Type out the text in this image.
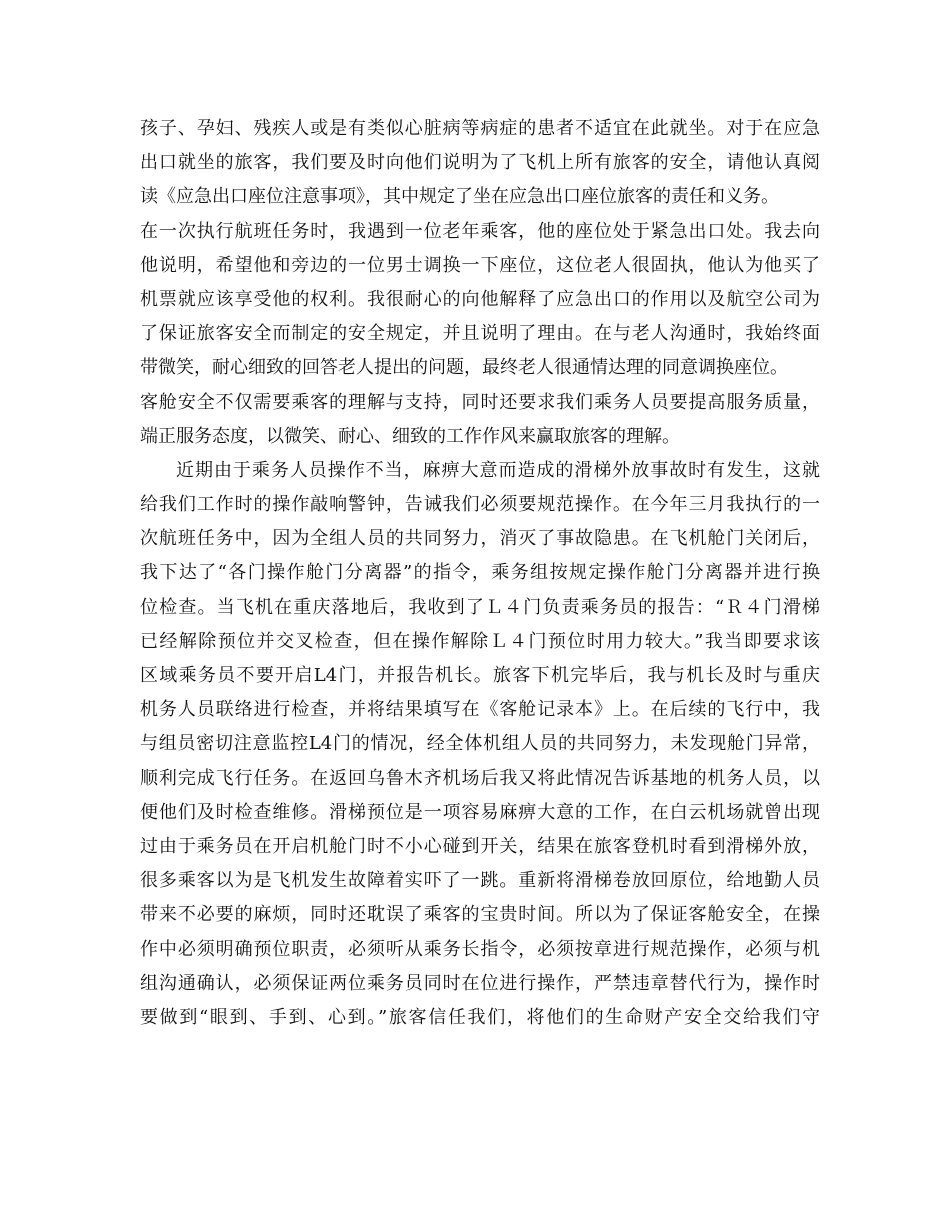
孩子、孕妇、残疾人或是有类似心脏病等病症的患者不适宜在此就坐。对于在应急
出口就坐的旅客，我们要及时向他们说明为了飞机上所有旅客的安全，请他认真阅
读《应急出口座位注意事项》，其中规定了坐在应急出口座位旅客的责任和义务。
在一次执行航班任务时，我遇到一位老年乘客，他的座位处于紧急出口处。我去向
他说明，希望他和旁边的一位男士调换一下座位，这位老人很固执，他认为他买了
机票就应该享受他的权利。我很耐心的向他解释了应急出口的作用以及航空公司为
了保证旅客安全而制定的安全规定，并且说明了理由。在与老人沟通时，我始终面
带微笑，耐心细致的回答老人提出的问题，最终老人很通情达理的同意调换座位。
客舱安全不仅需要乘客的理解与支持，同时还要求我们乘务人员要提高服务质量，
端正服务态度，以微笑、耐心、细致的工作作风来赢取旅客的理解。
近期由于乘务人员操作不当，麻痹大意而造成的滑梯外放事故时有发生，这就
给我们工作时的操作敲响警钟，告诫我们必须要规范操作。在今年三月我执行的一
次航班任务中，因为全组人员的共同努力，消灭了事故隐患。在飞机舱门关闭后，
我下达了“各门操作舱门分离器”的指令，乘务组按规定操作舱门分离器并进行换
位检查。当飞机在重庆落地后，我收到了Ｌ４门负责乘务员的报告：“Ｒ４门滑梯
已经解除预位并交叉检查，但在操作解除Ｌ４门预位时用力较大。”我当即要求该
区域乘务员不要开启L4门，并报告机长。旅客下机完毕后，我与机长及时与重庆
机务人员联络进行检查，并将结果填写在《客舱记录本》上。在后续的飞行中，我
与组员密切注意监控L4门的情况，经全体机组人员的共同努力，未发现舱门异常，
顺利完成飞行任务。在返回乌鲁木齐机场后我又将此情况告诉基地的机务人员，以
便他们及时检查维修。滑梯预位是一项容易麻痹大意的工作，在白云机场就曾出现
过由于乘务员在开启机舱门时不小心碰到开关，结果在旅客登机时看到滑梯外放，
很多乘客以为是飞机发生故障着实吓了一跳。重新将滑梯卷放回原位，给地勤人员
带来不必要的麻烦，同时还耽误了乘客的宝贵时间。所以为了保证客舱安全，在操
作中必须明确预位职责，必须听从乘务长指令，必须按章进行规范操作，必须与机
组沟通确认，必须保证两位乘务员同时在位进行操作，严禁违章替代行为，操作时
要做到“眼到、手到、心到。”旅客信任我们，将他们的生命财产安全交给我们守
